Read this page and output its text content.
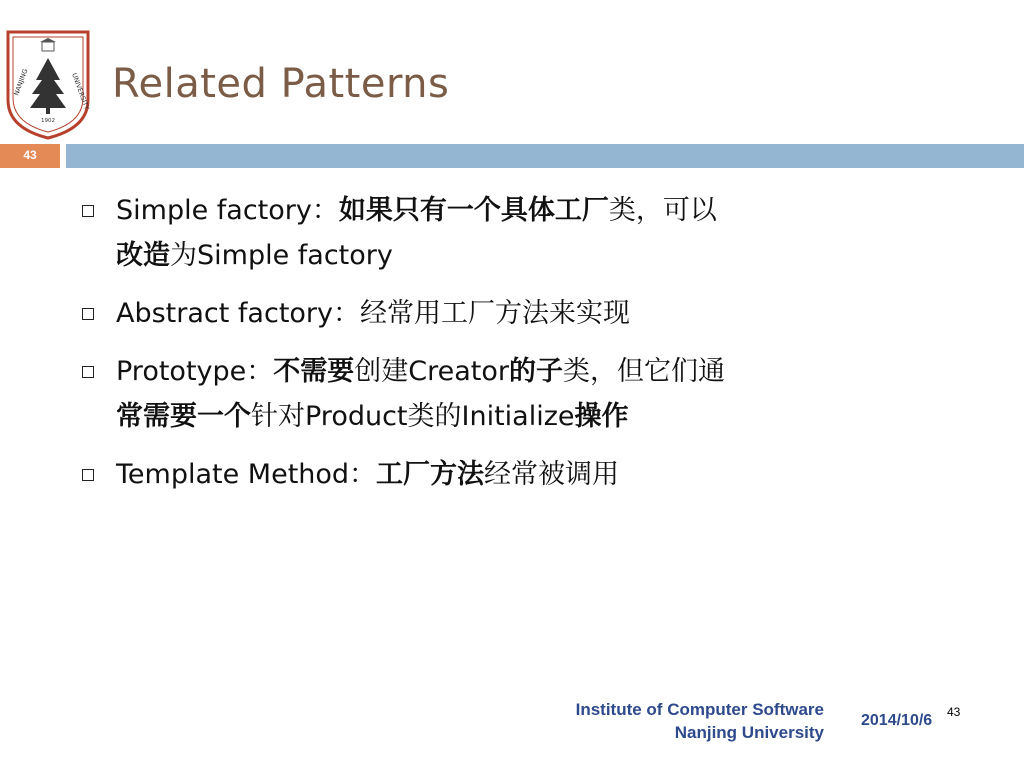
NANJING	UNIVERSITY
1902
Related Patterns
43
Simple factory：如果只有一个具体工厂类，可以
改造为Simple factory
Abstract factory：经常用工厂方法来实现
Prototype：不需要创建Creator的子类，但它们通
常需要一个针对Product类的Initialize操作
Template Method：工厂方法经常被调用
Institute of Computer Software
Nanjing University
2014/10/6 43
